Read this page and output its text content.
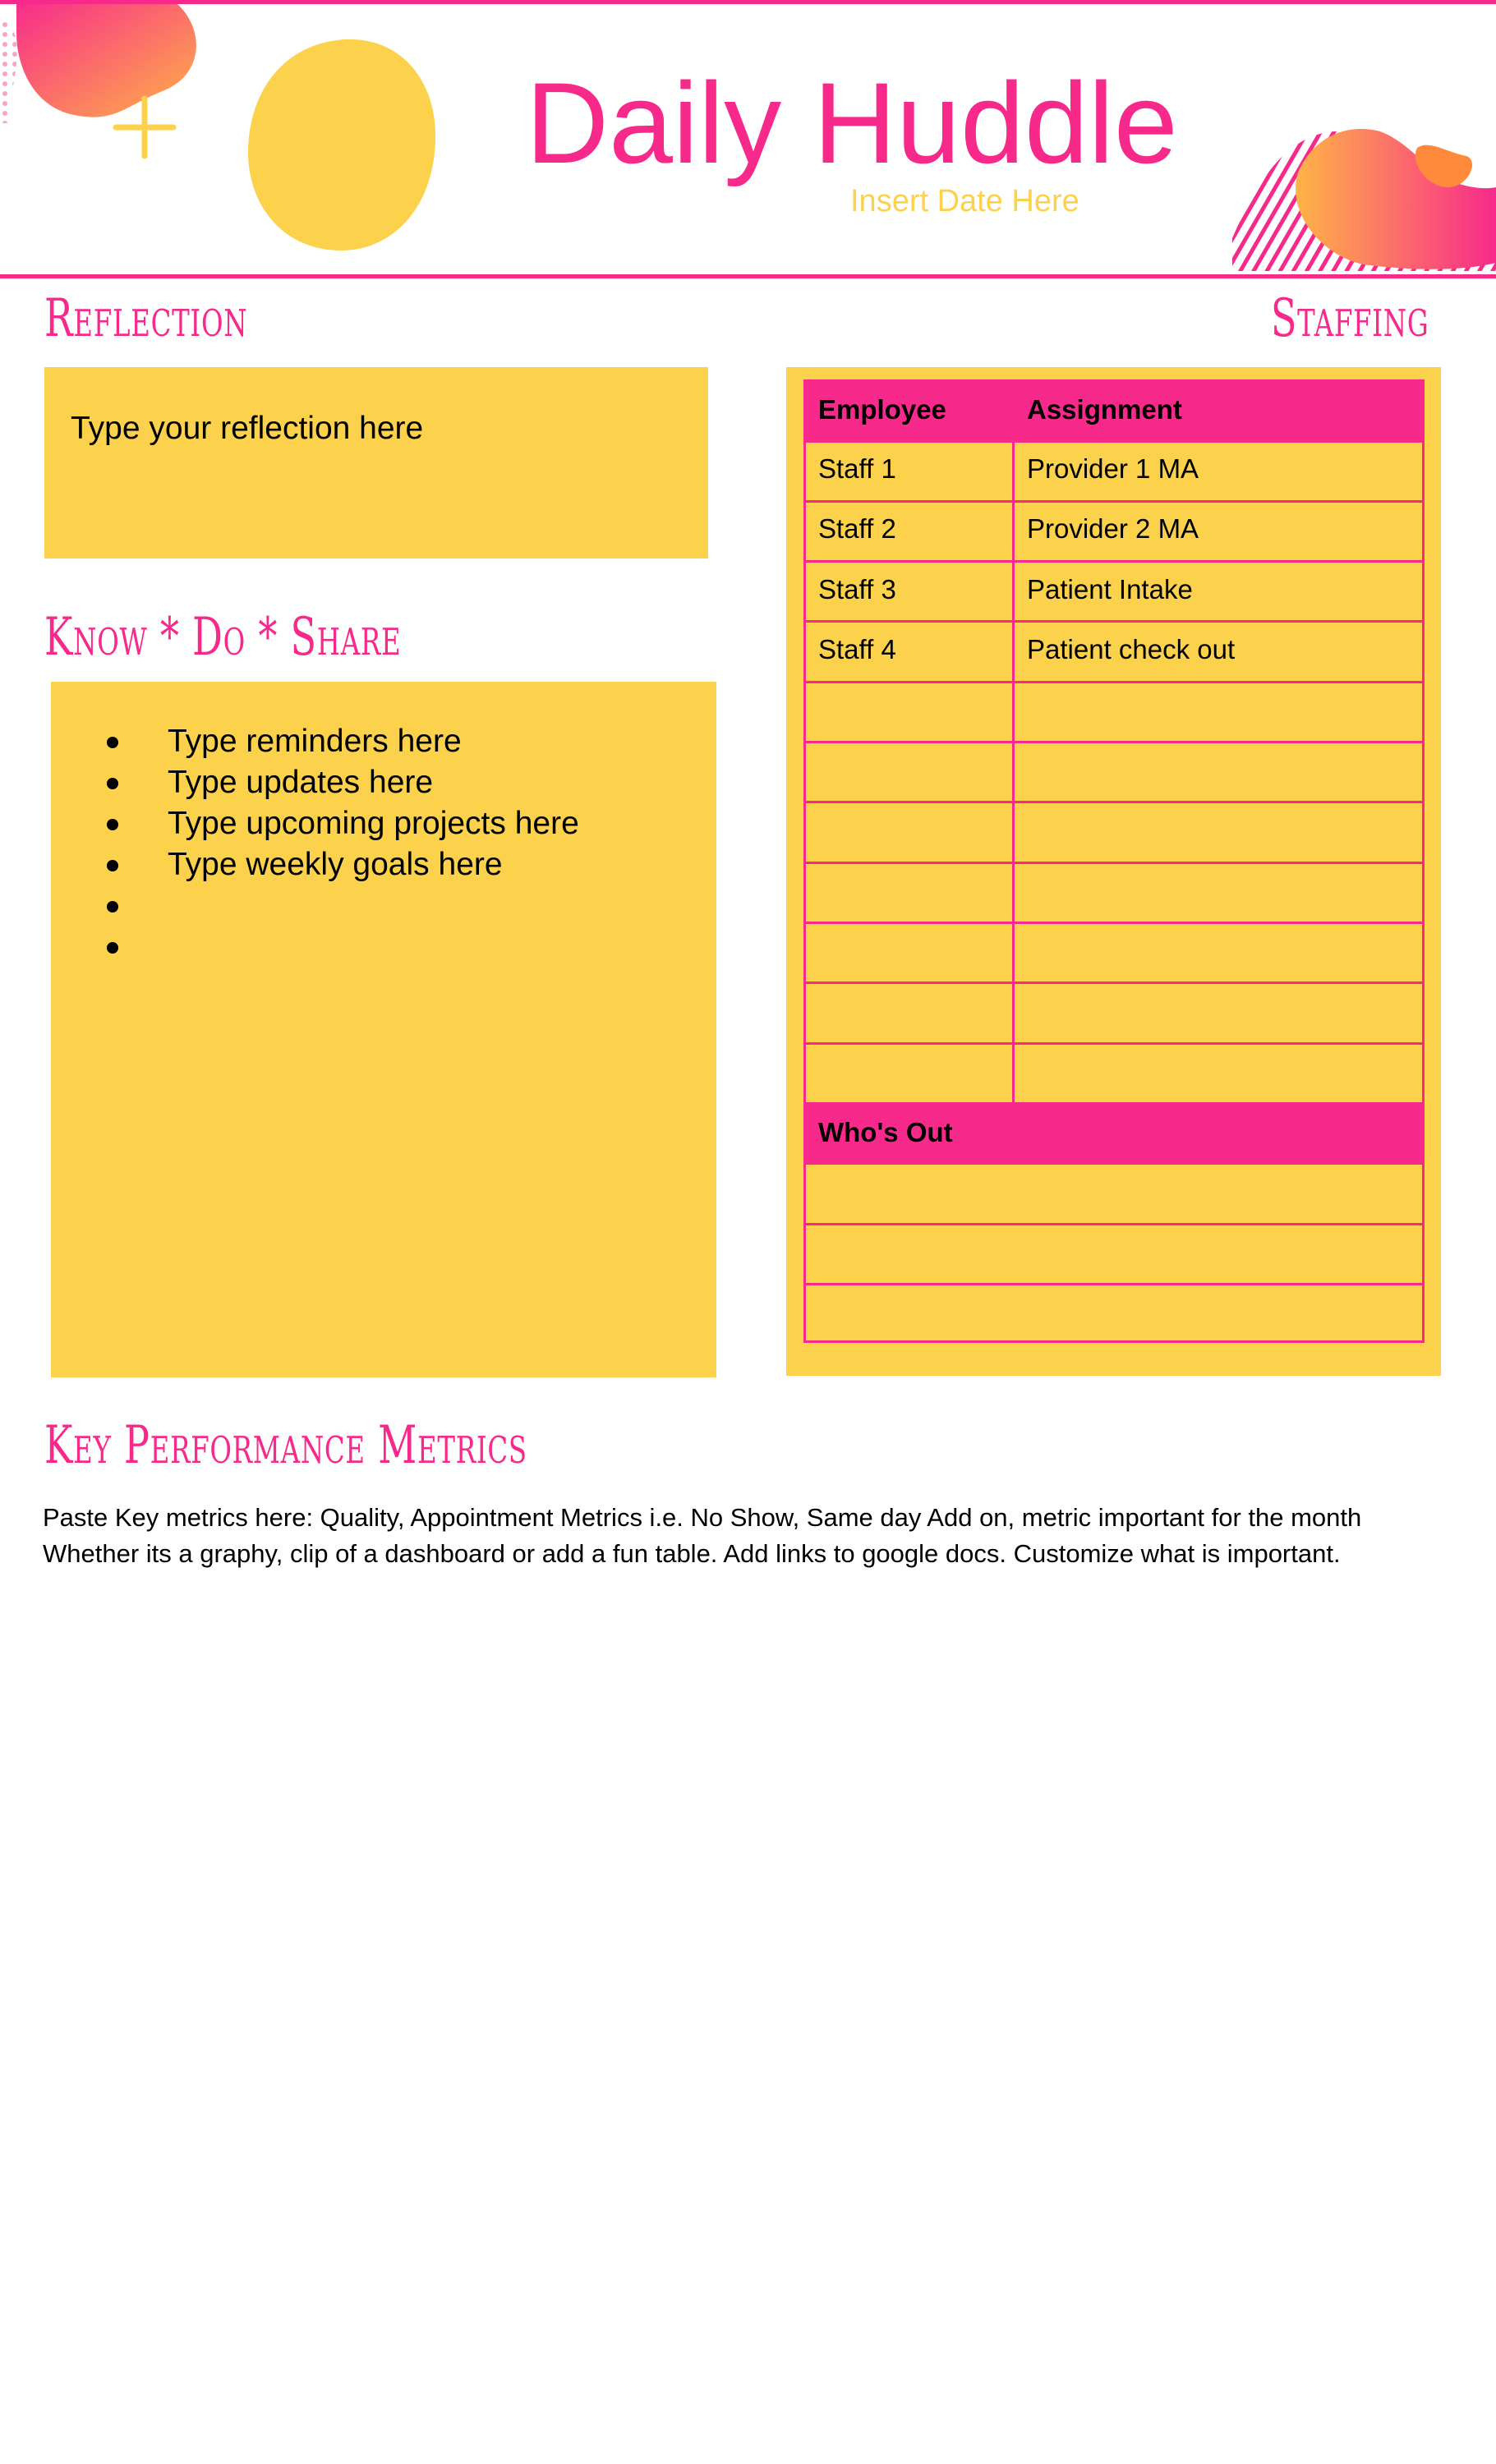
Daily Huddle
Insert Date Here
Reflection
Type your reflection here
Know * Do * Share
Type reminders here
Type updates here
Type upcoming projects here
Type weekly goals here
Staffing
Employee	Assignment
Staff 1	Provider 1 MA
Staff 2	Provider 2 MA
Staff 3	Patient Intake
Staff 4	Patient check out
Who's Out
Key Performance Metrics
Paste Key metrics here: Quality, Appointment Metrics i.e. No Show, Same day Add on, metric important for the month
Whether its a graphy, clip of a dashboard or add a fun table. Add links to google docs. Customize what is important.
